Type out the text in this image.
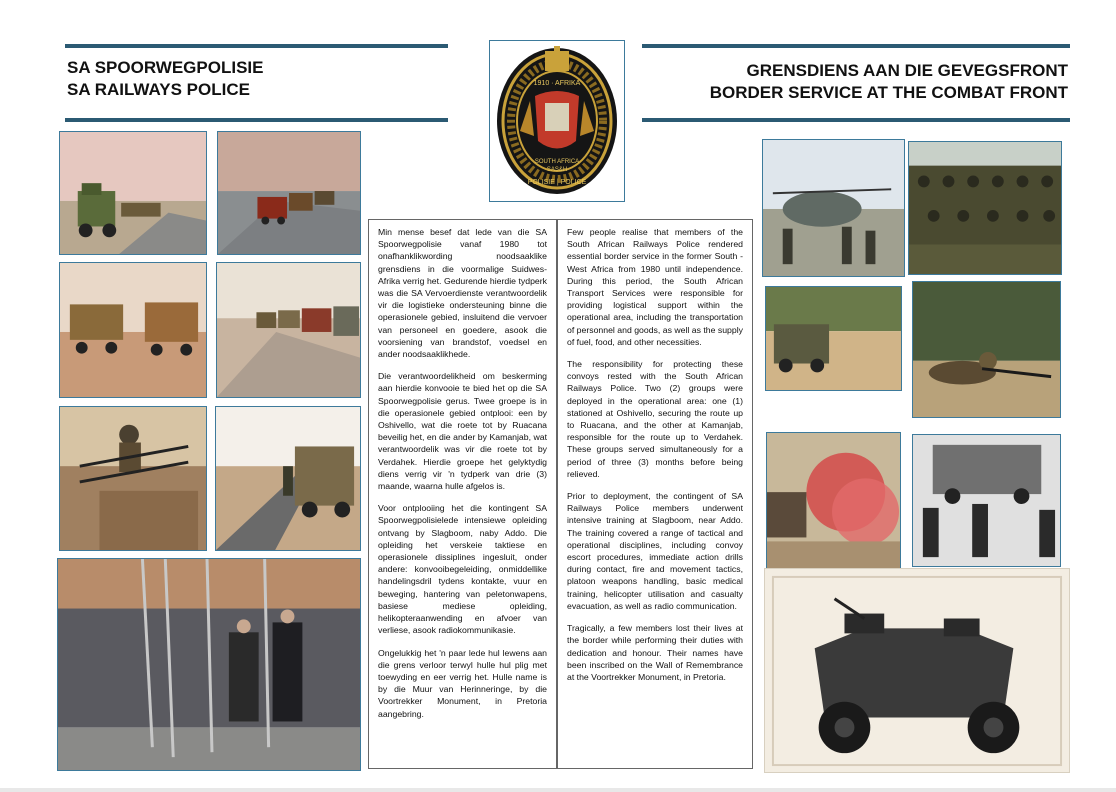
SA SPOORWEGPOLISIE
SA RAILWAYS POLICE
GRENSDIENS AAN DIE GEVEGSFRONT
BORDER SERVICE AT THE COMBAT FRONT
1910 · AFRIKA
SOUTH AFRICA
SAS&H
POLISIE | POLICE

Min mense besef dat lede van die SA Spoorwegpolisie vanaf 1980 tot onafhanklikwording noodsaaklike grensdiens in die voormalige Suidwes-Afrika verrig het. Gedurende hierdie tydperk was die SA Vervoerdienste verantwoordelik vir die logistieke ondersteuning binne die operasionele gebied, insluitend die vervoer van personeel en goedere, asook die voorsiening van brandstof, voedsel en ander noodsaaklikhede.

Die verantwoordelikheid om beskerming aan hierdie konvooie te bied het op die SA Spoorwegpolisie gerus. Twee groepe is in die operasionele gebied ontplooi: een by Oshivello, wat die roete tot by Ruacana beveilig het, en die ander by Kamanjab, wat verantwoordelik was vir die roete tot by Verdahek. Hierdie groepe het gelyktydig diens verrig vir 'n tydperk van drie (3) maande, waarna hulle afgelos is.

Voor ontplooiing het die kontingent SA Spoorwegpolisielede intensiewe opleiding ontvang by Slagboom, naby Addo. Die opleiding het verskeie taktiese en operasionele dissiplines ingesluit, onder andere: konvooibegeleiding, onmiddellike handelingsdril tydens kontakte, vuur en beweging, hantering van peletonwapens, basiese mediese opleiding, helikopteraanwending en afvoer van verliese, asook radiokommunikasie.

Ongelukkig het 'n paar lede hul lewens aan die grens verloor terwyl hulle hul plig met toewyding en eer verrig het. Hulle name is by die Muur van Herinneringe, by die Voortrekker Monument, in Pretoria aangebring.

Few people realise that members of the South African Railways Police rendered essential border service in the former South -West Africa from 1980 until independence. During this period, the South African Transport Services were responsible for providing logistical support within the operational area, including the transportation of personnel and goods, as well as the supply of fuel, food, and other necessities.

The responsibility for protecting these convoys rested with the South African Railways Police. Two (2) groups were deployed in the operational area: one (1) stationed at Oshivello, securing the route up to Ruacana, and the other at Kamanjab, responsible for the route up to Verdahek. These groups served simultaneously for a period of three (3) months before being relieved.

Prior to deployment, the contingent of SA Railways Police members underwent intensive training at Slagboom, near Addo. The training covered a range of tactical and operational disciplines, including convoy escort procedures, immediate action drills during contact, fire and movement tactics, platoon weapons handling, basic medical training, helicopter utilisation and casualty evacuation, as well as radio communication.

Tragically, a few members lost their lives at the border while performing their duties with dedication and honour. Their names have been inscribed on the Wall of Remembrance at the Voortrekker Monument, in Pretoria.
